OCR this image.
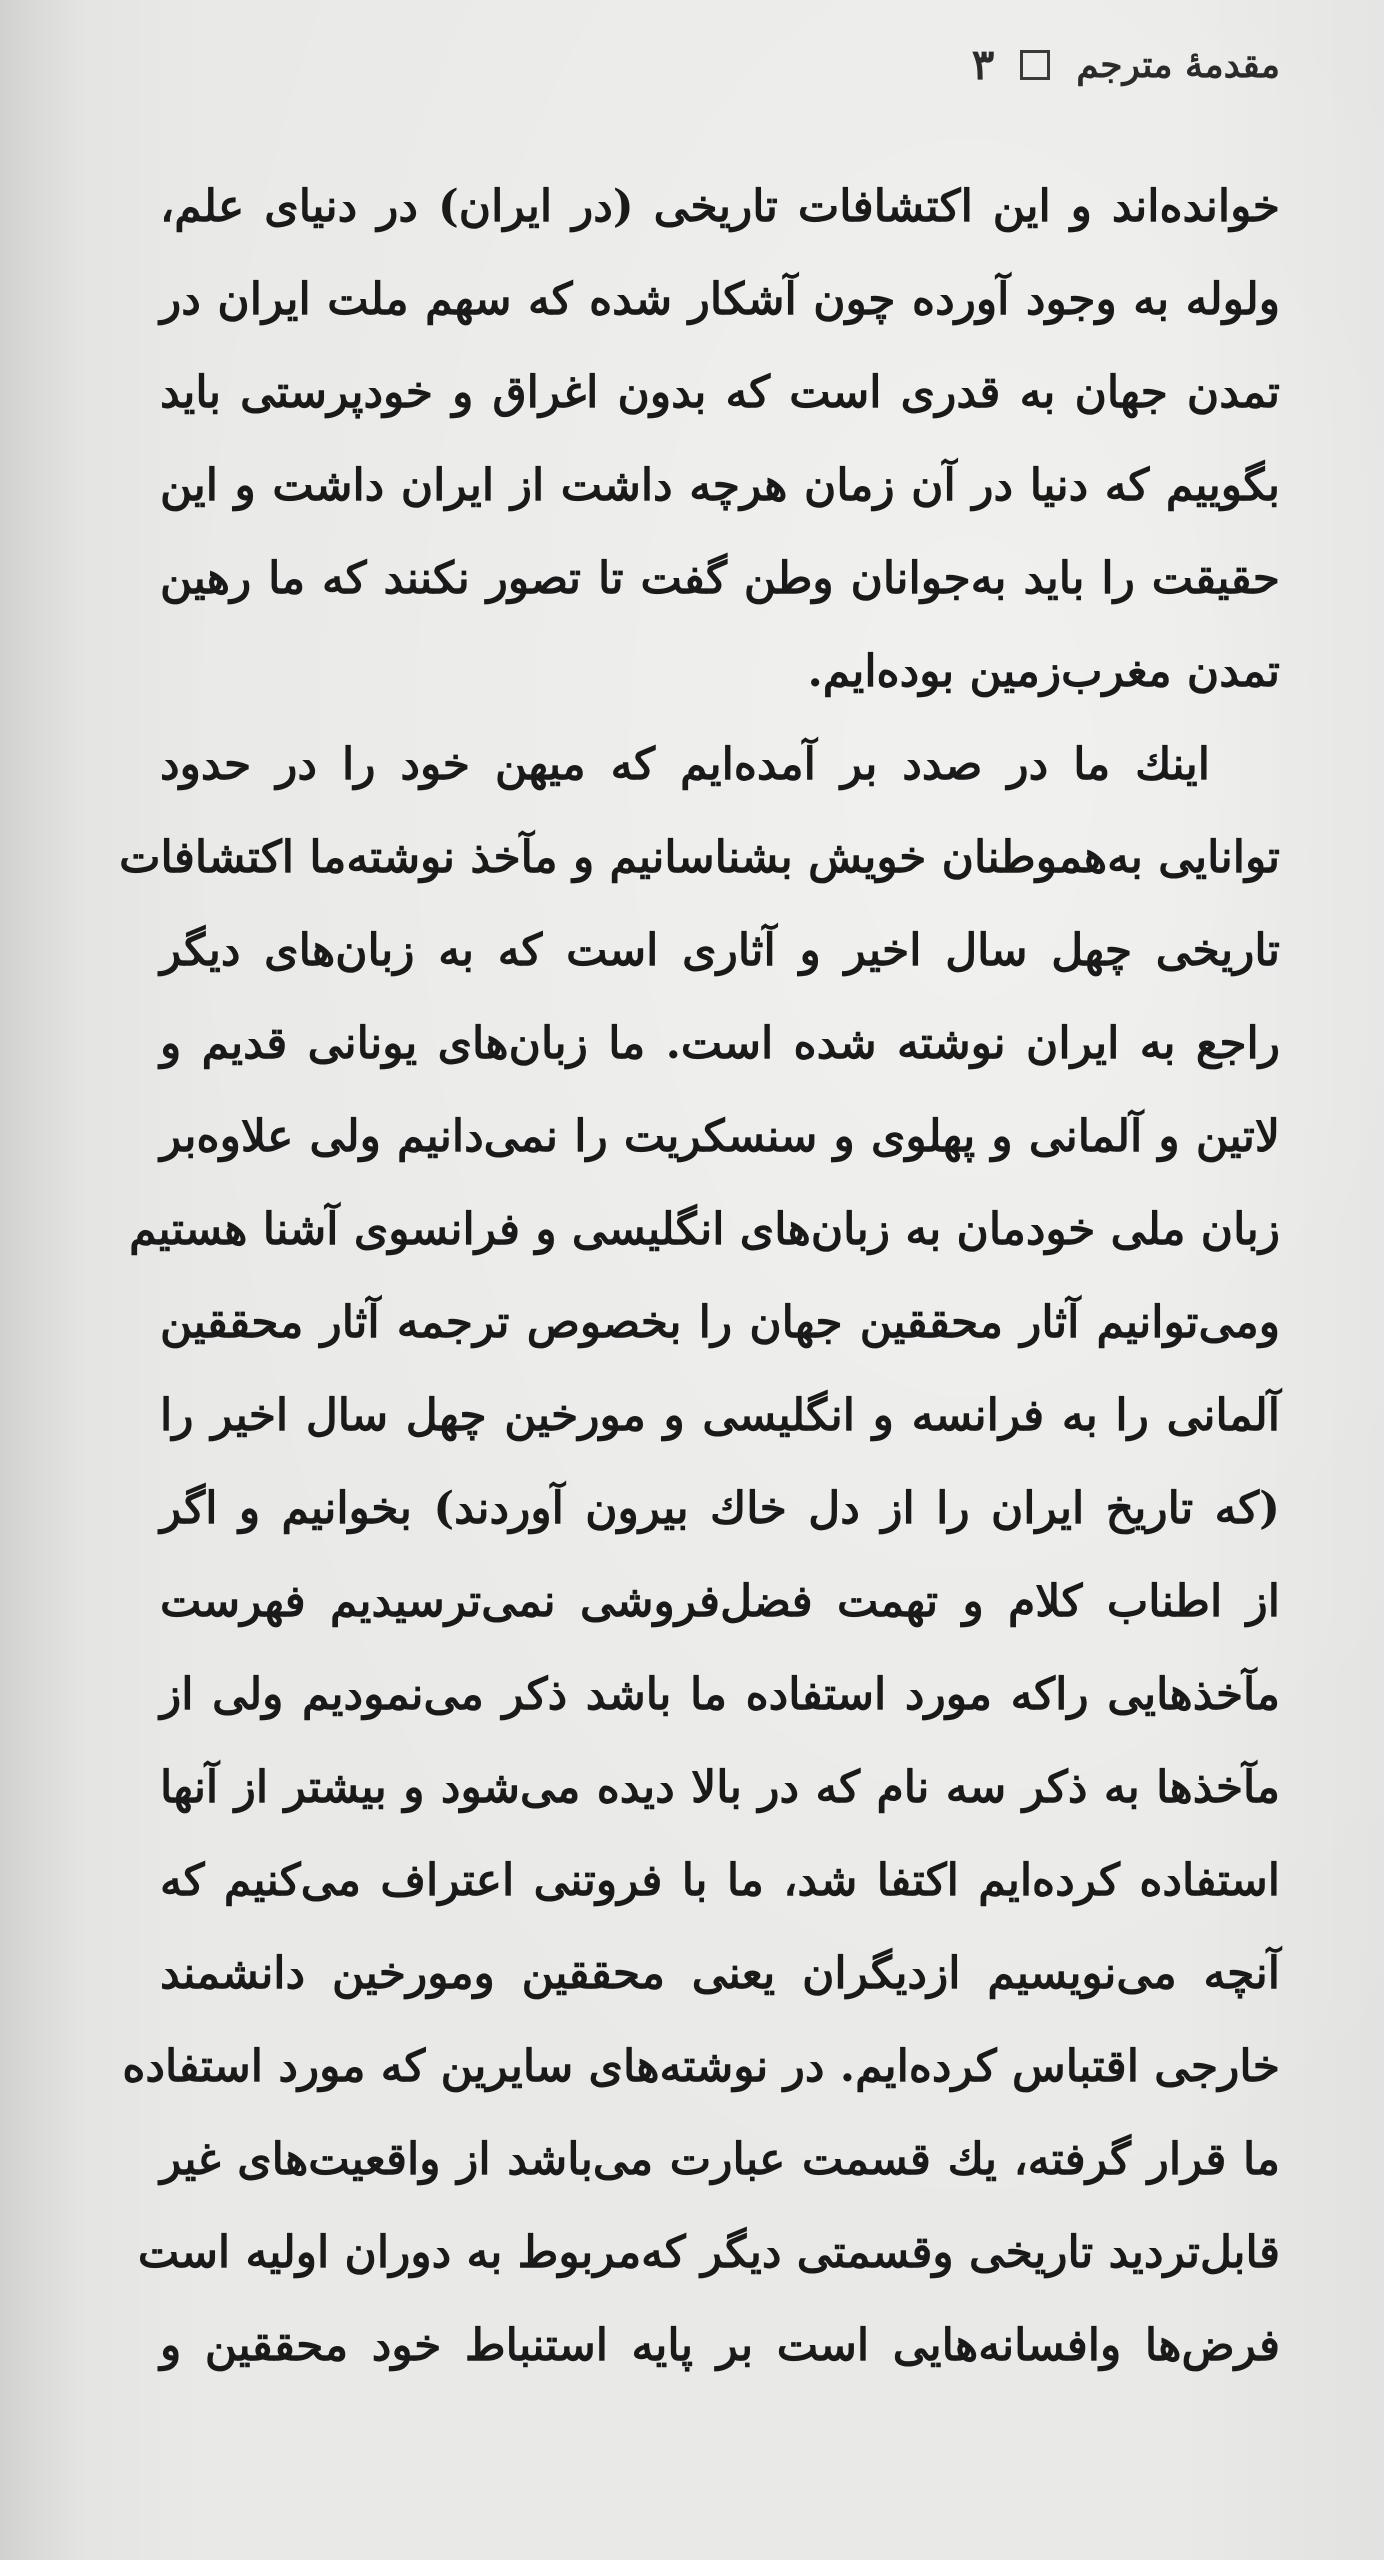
مقدمهٔ مترجم
۳
خوانده‌اند و این اکتشافات تاریخی (در ایران) در دنیای علم،
ولوله به وجود آورده چون آشکار شده که سهم ملت ایران در
تمدن جهان به قدری است که بدون اغراق و خودپرستی باید
بگوییم که دنیا در آن زمان هرچه داشت از ایران داشت و این
حقیقت را باید به‌جوانان وطن گفت تا تصور نکنند که ما رهین
تمدن مغرب‌زمین بوده‌ایم.
اینك ما در صدد بر آمده‌ایم که میهن خود را در حدود
توانایی به‌هموطنان خویش بشناسانیم و مآخذ نوشته‌ما اکتشافات
تاریخی چهل سال اخیر و آثاری است که به زبان‌های دیگر
راجع به ایران نوشته شده است. ما زبان‌های یونانی قدیم و
لاتین و آلمانی و پهلوی و سنسکریت را نمی‌دانیم ولی علاوه‌بر
زبان ملی خودمان به زبان‌های انگلیسی و فرانسوی آشنا هستیم
ومی‌توانیم آثار محققین جهان را بخصوص ترجمه آثار محققین
آلمانی را به فرانسه و انگلیسی و مورخین چهل سال اخیر را
(که تاریخ ایران را از دل خاك بیرون آوردند) بخوانیم و اگر
از اطناب کلام و تهمت فضل‌فروشی نمی‌ترسیدیم فهرست
مآخذهایی راکه مورد استفاده ما باشد ذکر می‌نمودیم ولی از
مآخذها به ذکر سه نام که در بالا دیده می‌شود و بیشتر از آنها
استفاده کرده‌ایم اکتفا شد، ما با فروتنی اعتراف می‌کنیم که
آنچه می‌نویسیم ازدیگران یعنی محققین ومورخین دانشمند
خارجی اقتباس کرده‌ایم. در نوشته‌های سایرین که مورد استفاده
ما قرار گرفته، یك قسمت عبارت می‌باشد از واقعیت‌های غیر
قابل‌تردید تاریخی وقسمتی دیگر که‌مربوط به دوران اولیه است
فرض‌ها وافسانه‌هایی است بر پایه استنباط خود محققین و
